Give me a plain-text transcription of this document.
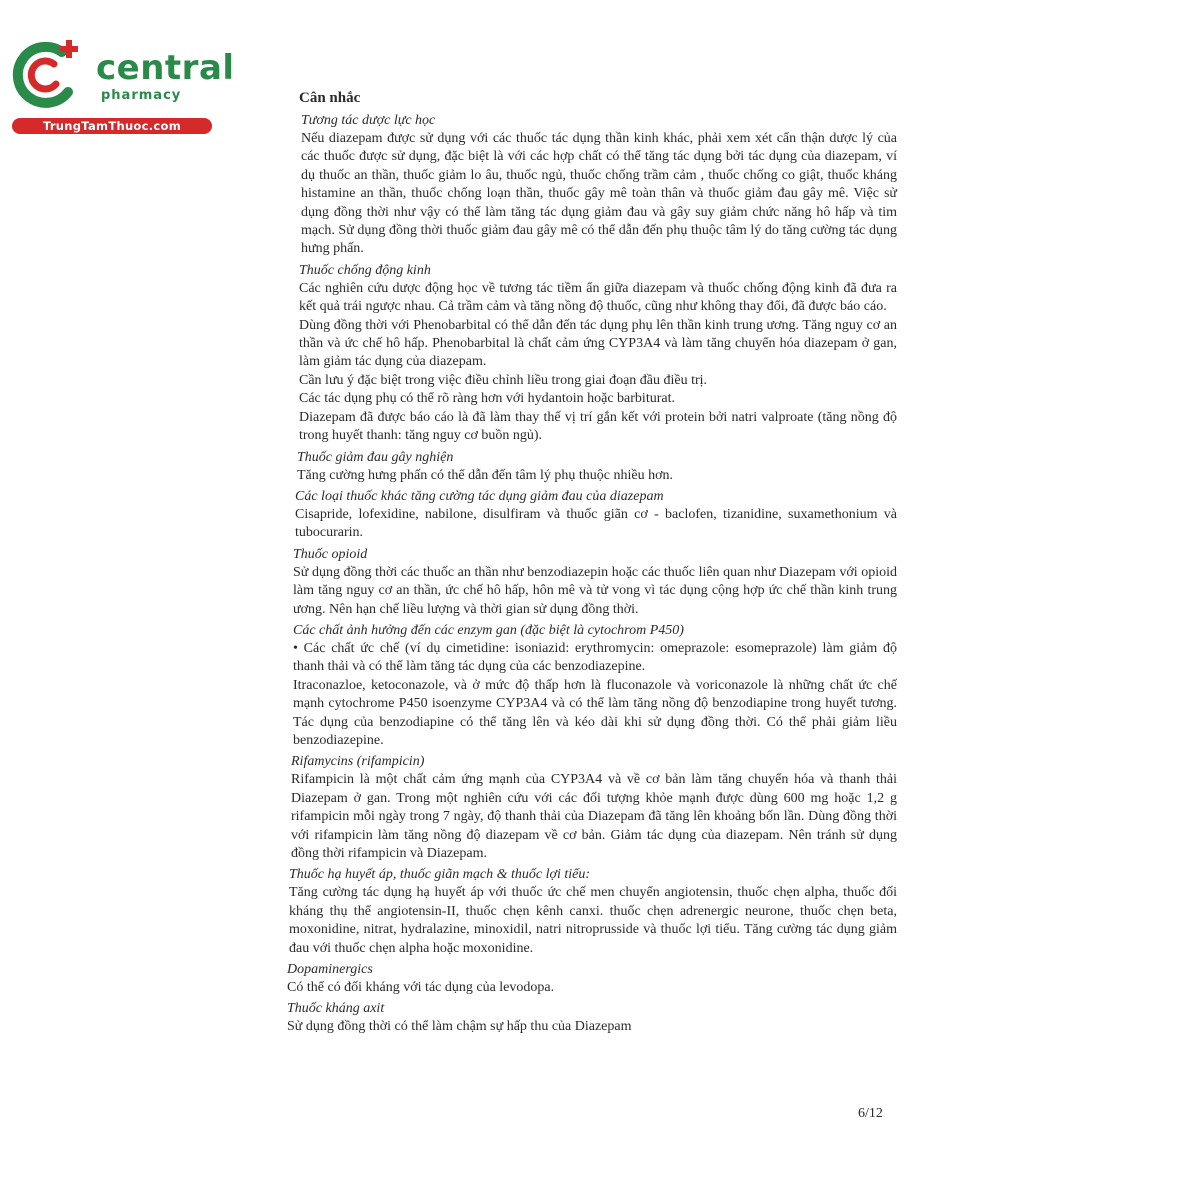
central
pharmacy
TrungTamThuoc.com
Cân nhắc
Tương tác dược lực học

Nếu diazepam được sử dụng với các thuốc tác dụng thần kinh khác, phải xem xét cẩn thận dược lý của các thuốc được sử dụng, đặc biệt là với các hợp chất có thể tăng tác dụng bởi tác dụng của diazepam, ví dụ thuốc an thần, thuốc giảm lo âu, thuốc ngủ, thuốc chống trầm cảm , thuốc chống co giật, thuốc kháng histamine an thần, thuốc chống loạn thần, thuốc gây mê toàn thân và thuốc giảm đau gây mê. Việc sử dụng đồng thời như vậy có thể làm tăng tác dụng giảm đau và gây suy giảm chức năng hô hấp và tim mạch. Sử dụng đồng thời thuốc giảm đau gây mê có thể dẫn đến phụ thuộc tâm lý do tăng cường tác dụng hưng phấn.

Thuốc chống động kinh

Các nghiên cứu dược động học về tương tác tiềm ẩn giữa diazepam và thuốc chống động kinh đã đưa ra kết quả trái ngược nhau. Cả trầm cảm và tăng nồng độ thuốc, cũng như không thay đổi, đã được báo cáo.

Dùng đồng thời với Phenobarbital có thể dẫn đến tác dụng phụ lên thần kinh trung ương. Tăng nguy cơ an thần và ức chế hô hấp. Phenobarbital là chất cảm ứng CYP3A4 và làm tăng chuyển hóa diazepam ở gan, làm giảm tác dụng của diazepam.

Cần lưu ý đặc biệt trong việc điều chỉnh liều trong giai đoạn đầu điều trị.

Các tác dụng phụ có thể rõ ràng hơn với hydantoin hoặc barbiturat.

Diazepam đã được báo cáo là đã làm thay thế vị trí gắn kết với protein bởi natri valproate (tăng nồng độ trong huyết thanh: tăng nguy cơ buồn ngủ).

Thuốc giảm đau gây nghiện

Tăng cường hưng phấn có thể dẫn đến tâm lý phụ thuộc nhiều hơn.

Các loại thuốc khác tăng cường tác dụng giảm đau của diazepam

Cisapride, lofexidine, nabilone, disulfiram và thuốc giãn cơ - baclofen, tizanidine, suxamethonium và tubocurarin.

Thuốc opioid

Sử dụng đồng thời các thuốc an thần như benzodiazepin hoặc các thuốc liên quan như Diazepam với opioid làm tăng nguy cơ an thần, ức chế hô hấp, hôn mê và tử vong vì tác dụng cộng hợp ức chế thần kinh trung ương. Nên hạn chế liều lượng và thời gian sử dụng đồng thời.

Các chất ảnh hưởng đến các enzym gan (đặc biệt là cytochrom P450)

• Các chất ức chế (ví dụ cimetidine: isoniazid: erythromycin: omeprazole: esomeprazole) làm giảm độ thanh thải và có thể làm tăng tác dụng của các benzodiazepine.

Itraconazloe, ketoconazole, và ở mức độ thấp hơn là fluconazole và voriconazole là những chất ức chế mạnh cytochrome P450 isoenzyme CYP3A4 và có thể làm tăng nồng độ benzodiapine trong huyết tương. Tác dụng của benzodiapine có thể tăng lên và kéo dài khi sử dụng đồng thời. Có thể phải giảm liều benzodiazepine.

Rifamycins (rifampicin)

Rifampicin là một chất cảm ứng mạnh của CYP3A4 và về cơ bản làm tăng chuyển hóa và thanh thải Diazepam ở gan. Trong một nghiên cứu với các đối tượng khỏe mạnh được dùng 600 mg hoặc 1,2 g rifampicin mỗi ngày trong 7 ngày, độ thanh thải của Diazepam đã tăng lên khoảng bốn lần. Dùng đồng thời với rifampicin làm tăng nồng độ diazepam về cơ bản. Giảm tác dụng của diazepam. Nên tránh sử dụng đồng thời rifampicin và Diazepam.

Thuốc hạ huyết áp, thuốc giãn mạch & thuốc lợi tiểu:

Tăng cường tác dụng hạ huyết áp với thuốc ức chế men chuyển angiotensin, thuốc chẹn alpha, thuốc đối kháng thụ thể angiotensin-II, thuốc chẹn kênh canxi. thuốc chẹn adrenergic neurone, thuốc chẹn beta, moxonidine, nitrat, hydralazine, minoxidil, natri nitroprusside và thuốc lợi tiểu. Tăng cường tác dụng giảm đau với thuốc chẹn alpha hoặc moxonidine.

Dopaminergics

Có thể có đối kháng với tác dụng của levodopa.

Thuốc kháng axit

Sử dụng đồng thời có thể làm chậm sự hấp thu của Diazepam

6/12
